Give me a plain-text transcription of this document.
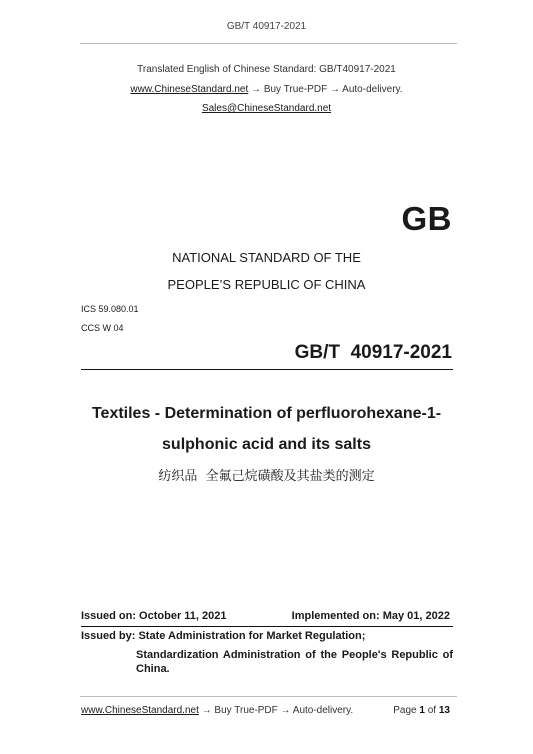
GB/T 40917-2021
Translated English of Chinese Standard: GB/T40917-2021
www.ChineseStandard.net → Buy True-PDF → Auto-delivery.
Sales@ChineseStandard.net
GB
NATIONAL STANDARD OF THE
PEOPLE’S REPUBLIC OF CHINA
ICS 59.080.01
CCS W 04
GB/T  40917-2021
Textiles - Determination of perfluorohexane-1-
sulphonic acid and its salts
纺织品  全氟己烷磺酸及其盐类的测定
Issued on: October 11, 2021	Implemented on: May 01, 2022
Issued by: State Administration for Market Regulation;
Standardization Administration of the People's Republic of
China.
www.ChineseStandard.net → Buy True-PDF → Auto-delivery.	Page 1 of 13
